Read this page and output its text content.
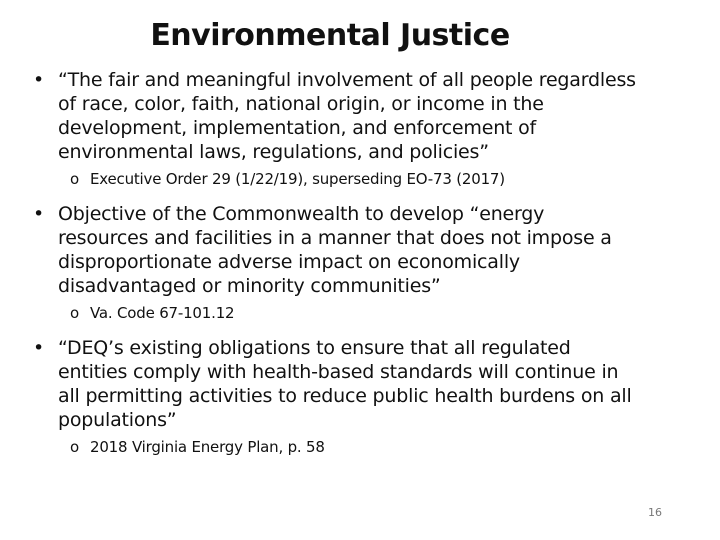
Environmental Justice
• “The fair and meaningful involvement of all people regardless of race, color, faith, national origin, or income in the development, implementation, and enforcement of environmental laws, regulations, and policies”
o Executive Order 29 (1/22/19), superseding EO-73 (2017)
• Objective of the Commonwealth to develop “energy resources and facilities in a manner that does not impose a disproportionate adverse impact on economically disadvantaged or minority communities”
o Va. Code 67-101.12
• “DEQ’s existing obligations to ensure that all regulated entities comply with health-based standards will continue in all permitting activities to reduce public health burdens on all populations”
o 2018 Virginia Energy Plan, p. 58
16
